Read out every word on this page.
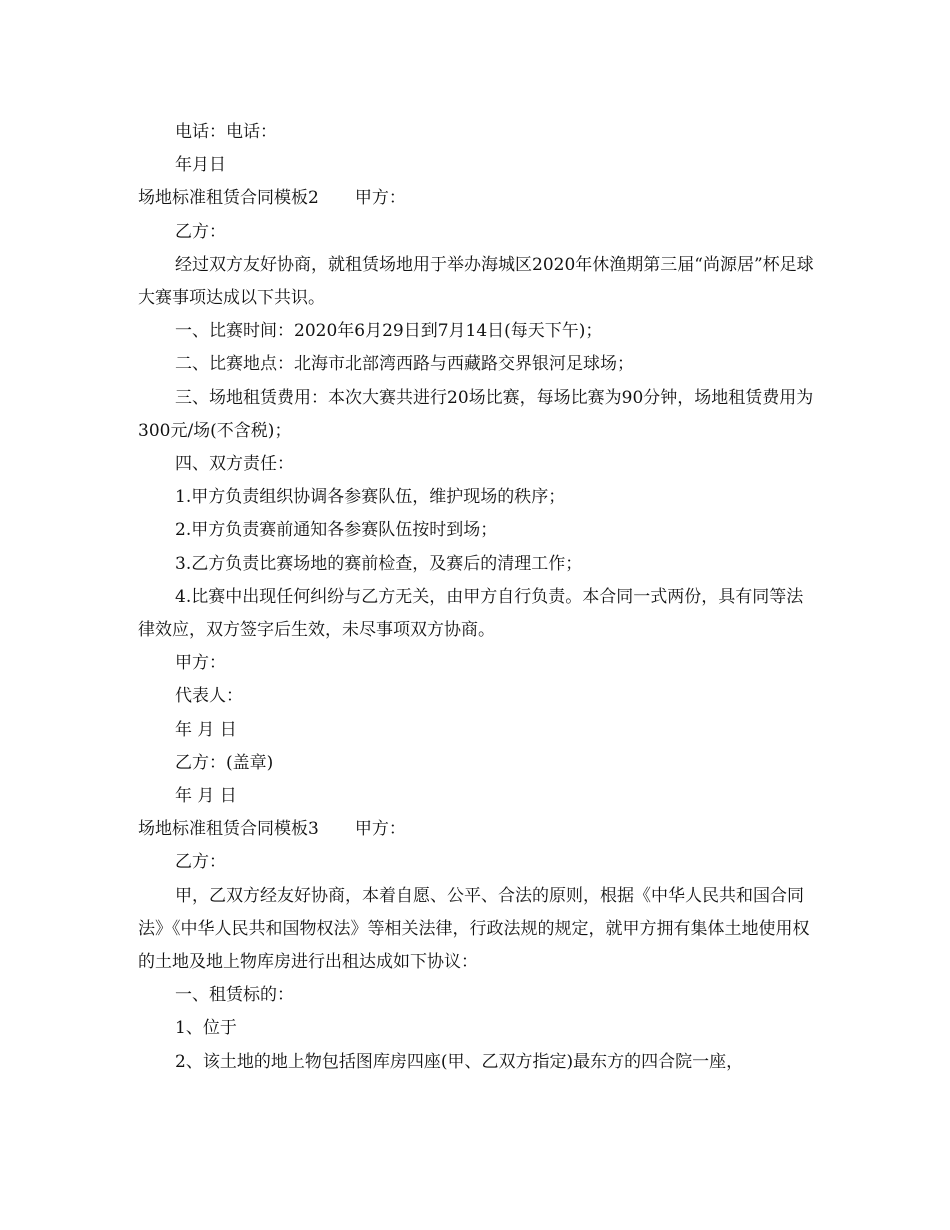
电话：电话：

年月日

场地标准租赁合同模板2 甲方：

乙方：

经过双方友好协商，就租赁场地用于举办海城区2020年休渔期第三届“尚源居”杯足球大赛事项达成以下共识。

一、比赛时间：2020年6月29日到7月14日(每天下午)；

二、比赛地点：北海市北部湾西路与西藏路交界银河足球场；

三、场地租赁费用：本次大赛共进行20场比赛，每场比赛为90分钟，场地租赁费用为300元/场(不含税)；

四、双方责任：

1.甲方负责组织协调各参赛队伍，维护现场的秩序；

2.甲方负责赛前通知各参赛队伍按时到场；

3.乙方负责比赛场地的赛前检查，及赛后的清理工作；

4.比赛中出现任何纠纷与乙方无关，由甲方自行负责。本合同一式两份，具有同等法律效应，双方签字后生效，未尽事项双方协商。

甲方：

代表人：

年 月 日

乙方：(盖章)

年 月 日

场地标准租赁合同模板3 甲方：

乙方：

甲，乙双方经友好协商，本着自愿、公平、合法的原则，根据《中华人民共和国合同法》《中华人民共和国物权法》等相关法律，行政法规的规定，就甲方拥有集体土地使用权的土地及地上物库房进行出租达成如下协议：

一、租赁标的：

1、位于

2、该土地的地上物包括图库房四座(甲、乙双方指定)最东方的四合院一座，
